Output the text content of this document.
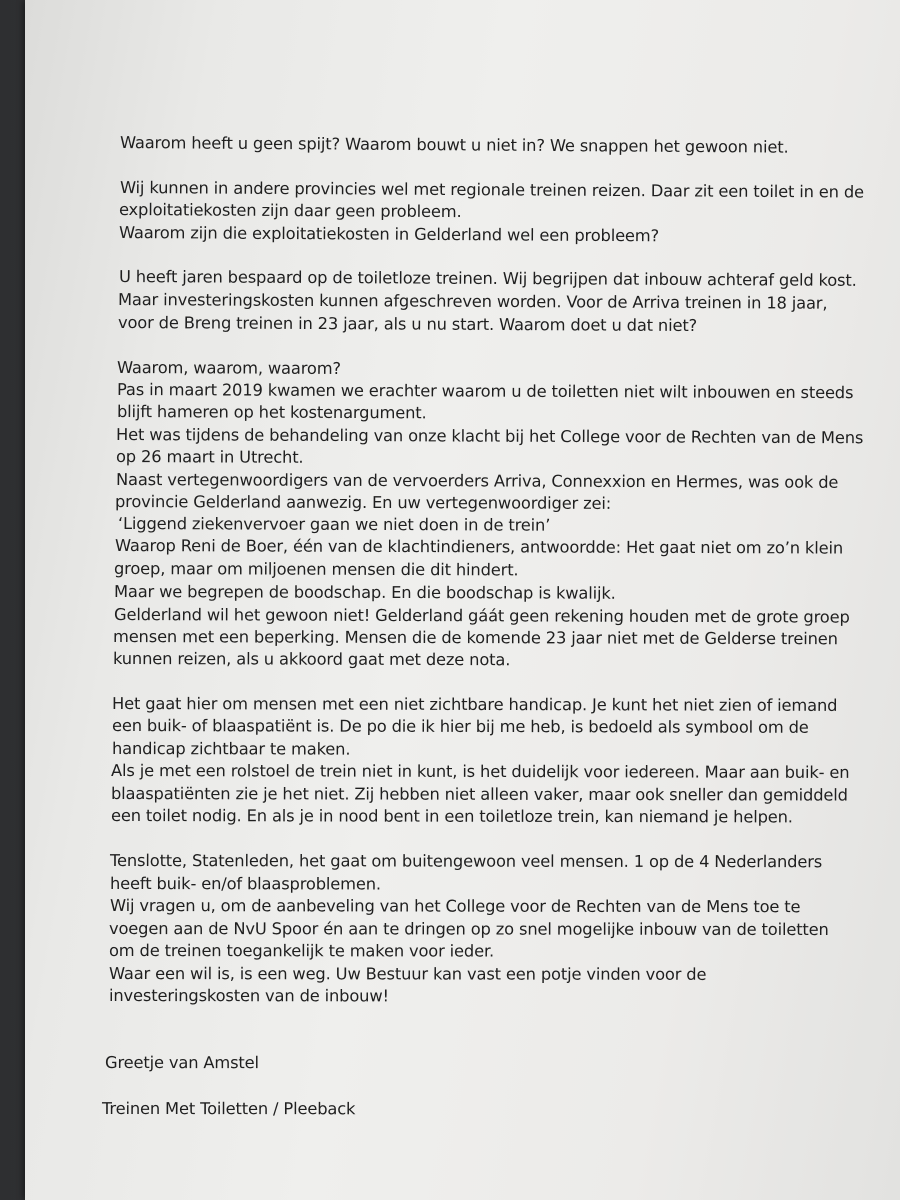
Waarom heeft u geen spijt? Waarom bouwt u niet in? We snappen het gewoon niet.
Wij kunnen in andere provincies wel met regionale treinen reizen. Daar zit een toilet in en de
exploitatiekosten zijn daar geen probleem.
Waarom zijn die exploitatiekosten in Gelderland wel een probleem?
U heeft jaren bespaard op de toiletloze treinen. Wij begrijpen dat inbouw achteraf geld kost.
Maar investeringskosten kunnen afgeschreven worden. Voor de Arriva treinen in 18 jaar,
voor de Breng treinen in 23 jaar, als u nu start. Waarom doet u dat niet?
Waarom, waarom, waarom?
Pas in maart 2019 kwamen we erachter waarom u de toiletten niet wilt inbouwen en steeds
blijft hameren op het kostenargument.
Het was tijdens de behandeling van onze klacht bij het College voor de Rechten van de Mens
op 26 maart in Utrecht.
Naast vertegenwoordigers van de vervoerders Arriva, Connexxion en Hermes, was ook de
provincie Gelderland aanwezig. En uw vertegenwoordiger zei:
‘Liggend ziekenvervoer gaan we niet doen in de trein’
Waarop Reni de Boer, één van de klachtindieners, antwoordde: Het gaat niet om zo’n klein
groep, maar om miljoenen mensen die dit hindert.
Maar we begrepen de boodschap. En die boodschap is kwalijk.
Gelderland wil het gewoon niet! Gelderland gáát geen rekening houden met de grote groep
mensen met een beperking. Mensen die de komende 23 jaar niet met de Gelderse treinen
kunnen reizen, als u akkoord gaat met deze nota.
Het gaat hier om mensen met een niet zichtbare handicap. Je kunt het niet zien of iemand
een buik- of blaaspatiënt is. De po die ik hier bij me heb, is bedoeld als symbool om de
handicap zichtbaar te maken.
Als je met een rolstoel de trein niet in kunt, is het duidelijk voor iedereen. Maar aan buik- en
blaaspatiënten zie je het niet. Zij hebben niet alleen vaker, maar ook sneller dan gemiddeld
een toilet nodig. En als je in nood bent in een toiletloze trein, kan niemand je helpen.
Tenslotte, Statenleden, het gaat om buitengewoon veel mensen. 1 op de 4 Nederlanders
heeft buik- en/of blaasproblemen.
Wij vragen u, om de aanbeveling van het College voor de Rechten van de Mens toe te
voegen aan de NvU Spoor én aan te dringen op zo snel mogelijke inbouw van de toiletten
om de treinen toegankelijk te maken voor ieder.
Waar een wil is, is een weg. Uw Bestuur kan vast een potje vinden voor de
investeringskosten van de inbouw!
Greetje van Amstel
Treinen Met Toiletten / Pleeback
